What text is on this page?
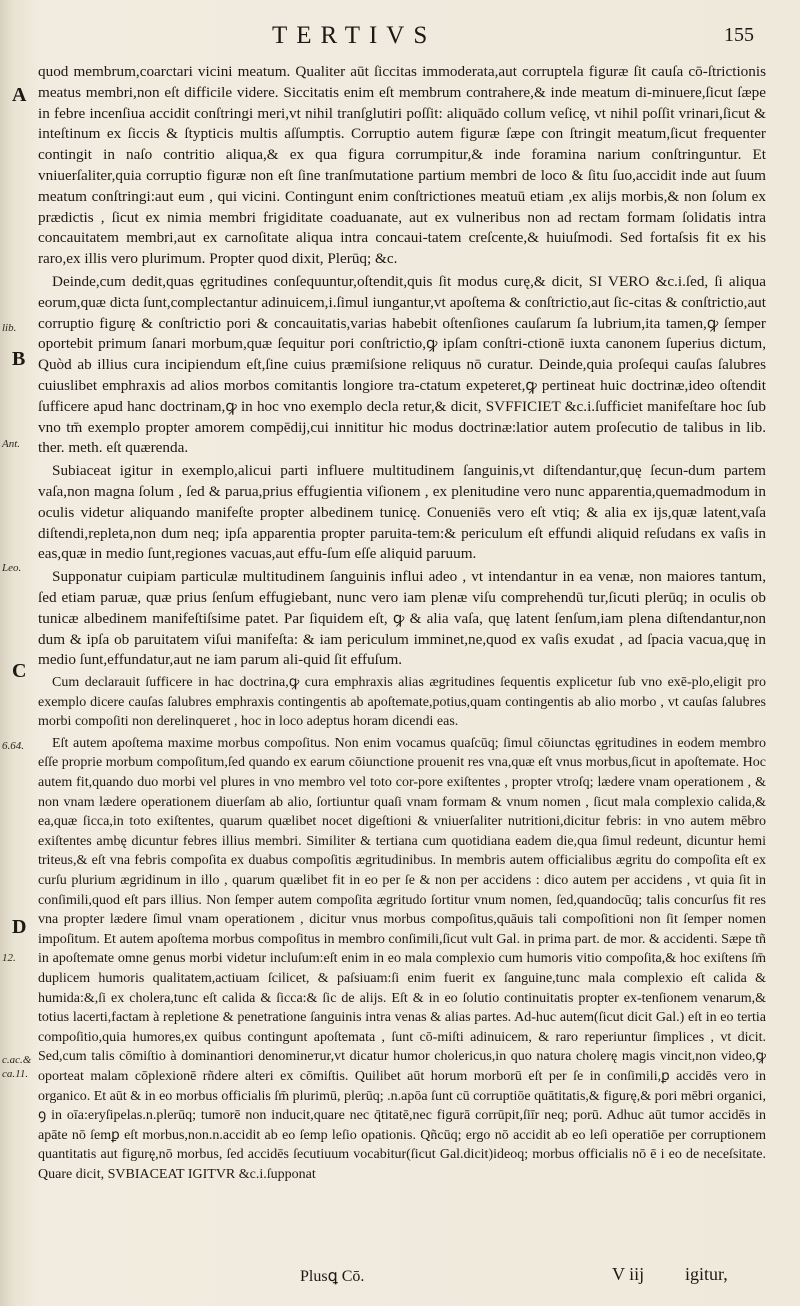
TERTIVS	155
A
B
lib.
Ant.
Leo.
C
6.64.
D
12.
c.ac.&
ca.11.

quod membrum,coarctari vicini meatum. Qualiter aūt ſiccitas immoderata,aut corruptela figuræ ſit cauſa cō-ſtrictionis meatus membri,non eſt difficile videre. Siccitatis enim eſt membrum contrahere,& inde meatum di-minuere,ſicut ſæpe in febre incenſiua accidit conſtringi meri,vt nihil tranſglutiri poſſit: aliquādo collum veſicę, vt nihil poſſit vrinari,ſicut & inteſtinum ex ſiccis & ſtypticis multis aſſumptis. Corruptio autem figuræ ſæpe con ſtringit meatum,ſicut frequenter contingit in naſo contritio aliqua,& ex qua figura corrumpitur,& inde foramina narium conſtringuntur. Et vniuerſaliter,quia corruptio figuræ non eſt ſine tranſmutatione partium membri de loco & ſitu ſuo,accidit inde aut ſuum meatum conſtringi:aut eum , qui vicini. Contingunt enim conſtrictiones meatuū etiam ,ex alijs morbis,& non ſolum ex prædictis , ſicut ex nimia membri frigiditate coaduanate, aut ex vulneribus non ad rectam formam ſolidatis intra concauitatem membri,aut ex carnoſitate aliqua intra concaui-tatem creſcente,& huiuſmodi. Sed fortaſsis fit ex his raro,ex illis vero plurimum. Propter quod dixit, Plerūq; &c.

Deinde,cum dedit,quas ęgritudines conſequuntur,oſtendit,quis ſit modus curę,& dicit, SI VERO &c.i.ſed, ſi aliqua eorum,quæ dicta ſunt,complectantur adinuicem,i.ſimul iungantur,vt apoſtema & conſtrictio,aut ſic-citas & conſtrictio,aut corruptio figurę & conſtrictio pori & concauitatis,varias habebit oſtenſiones cauſarum ſa lubrium,ita tamen,ꝙ ſemper oportebit primum ſanari morbum,quæ ſequitur pori conſtrictio,ꝙ ipſam conſtri-ctionē iuxta canonem ſuperius dictum, Quòd ab illius cura incipiendum eſt,ſine cuius præmiſsione reliquus nō curatur. Deinde,quia proſequi cauſas ſalubres cuiuslibet emphraxis ad alios morbos comitantis longiore tra-ctatum expeteret,ꝙ pertineat huic doctrinæ,ideo oſtendit ſufficere apud hanc doctrinam,ꝙ in hoc vno exemplo decla retur,& dicit, SVFFICIET &c.i.ſufficiet manifeſtare hoc ſub vno tm̄ exemplo propter amorem compēdij,cui innititur hic modus doctrinæ:latior autem proſecutio de talibus in lib. ther. meth. eſt quærenda.

Subiaceat igitur in exemplo,alicui parti influere multitudinem ſanguinis,vt diſtendantur,quę ſecun-dum partem vaſa,non magna ſolum , ſed & parua,prius effugientia viſionem , ex plenitudine vero nunc apparentia,quemadmodum in oculis videtur aliquando manifeſte propter albedinem tunicę. Conueniēs vero eſt vtiq; & alia ex ijs,quæ latent,vaſa diſtendi,repleta,non dum neq; ipſa apparentia propter paruita-tem:& periculum eſt effundi aliquid reſudans ex vaſis in eas,quæ in medio ſunt,regiones vacuas,aut effu-ſum eſſe aliquid paruum.

Supponatur cuipiam particulæ multitudinem ſanguinis influi adeo , vt intendantur in ea venæ, non maiores tantum, ſed etiam paruæ, quæ prius ſenſum effugiebant, nunc vero iam plenæ viſu comprehendū tur,ſicuti plerūq; in oculis ob tunicæ albedinem manifeſtiſsime patet. Par ſiquidem eſt, ꝙ & alia vaſa, quę latent ſenſum,iam plena diſtendantur,non dum & ipſa ob paruitatem viſui manifeſta: & iam periculum imminet,ne,quod ex vaſis exudat , ad ſpacia vacua,quę in medio ſunt,effundatur,aut ne iam parum ali-quid ſit effuſum.

Cum declarauit ſufficere in hac doctrina,ꝙ cura emphraxis alias ægritudines ſequentis explicetur ſub vno exē-plo,eligit pro exemplo dicere cauſas ſalubres emphraxis contingentis ab apoſtemate,potius,quam contingentis ab alio morbo , vt cauſas ſalubres morbi compoſiti non derelinqueret , hoc in loco adeptus horam dicendi eas.

Eſt autem apoſtema maxime morbus compoſitus. Non enim vocamus quaſcūq; ſimul cōiunctas ęgritudines in eodem membro eſſe proprie morbum compoſitum,ſed quando ex earum cōiunctione prouenit res vna,quæ eſt vnus morbus,ſicut in apoſtemate. Hoc autem fit,quando duo morbi vel plures in vno membro vel toto cor-pore exiſtentes , propter vtroſq; lædere vnam operationem , & non vnam lædere operationem diuerſam ab alio, ſortiuntur quaſi vnam formam & vnum nomen , ſicut mala complexio calida,& ea,quæ ſicca,in toto exiſtentes, quarum quælibet nocet digeſtioni & vniuerſaliter nutritioni,dicitur febris: in vno autem mēbro exiſtentes ambę dicuntur febres illius membri. Similiter & tertiana cum quotidiana eadem die,qua ſimul redeunt, dicuntur hemi triteus,& eſt vna febris compoſita ex duabus compoſitis ægritudinibus. In membris autem officialibus ægritu do compoſita eſt ex curſu plurium ægridinum in illo , quarum quælibet fit in eo per ſe & non per accidens : dico autem per accidens , vt quia ſit in conſimili,quod eſt pars illius. Non ſemper autem compoſita ægritudo ſortitur vnum nomen, ſed,quandocūq; talis concurſus fit res vna propter lædere ſimul vnam operationem , dicitur vnus morbus compoſitus,quāuis tali compoſitioni non ſit ſemper nomen impoſitum. Et autem apoſtema morbus compoſitus in membro conſimili,ſicut vult Gal. in prima part. de mor. & accidenti. Sæpe tñ in apoſtemate omne genus morbi videtur incluſum:eſt enim in eo mala complexio cum humoris vitio compoſita,& hoc exiſtens ſm̄ duplicem humoris qualitatem,actiuam ſcilicet, & paſsiuam:ſi enim fuerit ex ſanguine,tunc mala complexio eſt calida & humida:&,ſi ex cholera,tunc eſt calida & ſicca:& ſic de alijs. Eſt & in eo ſolutio continuitatis propter ex-tenſionem venarum,& totius lacerti,factam à repletione & penetratione ſanguinis intra venas & alias partes. Ad-huc autem(ſicut dicit Gal.) eſt in eo tertia compoſitio,quia humores,ex quibus contingunt apoſtemata , ſunt cō-miſti adinuicem, & raro reperiuntur ſimplices , vt dicit. Sed,cum talis cōmiſtio à dominantiori denomineтur,vt dicatur humor cholericus,in quo natura cholerę magis vincit,non video,ꝙ oporteat malam cōplexionē rñdere alteri ex cōmiſtis. Quilibet aūt horum morborū eſt per ſe in conſimili,ꝑ accidēs vero in organico. Et aūt & in eo morbus officialis ſm̄ plurimū, plerūq; .n.apōa ſunt cū corruptiōe quātitatis,& figurę,& pori mēbri organici, ꝯ in oīa:eryſipelas.n.plerūq; tumorē non inducit,quare nec q̄titatē,nec figurā corrūpit,ſiīr neq; porū. Adhuc aūt tumor accidēs in apāte nō ſemꝑ eſt morbus,non.n.accidit ab eo ſemp leſio opationis. Qñcūq; ergo nō accidit ab eo leſi operatiōe per corruptionem quantitatis aut figurę,nō morbus, ſed accidēs ſecutiuum vocabitur(ſicut Gal.dicit)ideoq; morbus officialis nō ē i eo de neceſsitate. Quare dicit, SVBIACEAT IGITVR &c.i.ſupponat

Plusꝗ Cō.	V iij igitur,
